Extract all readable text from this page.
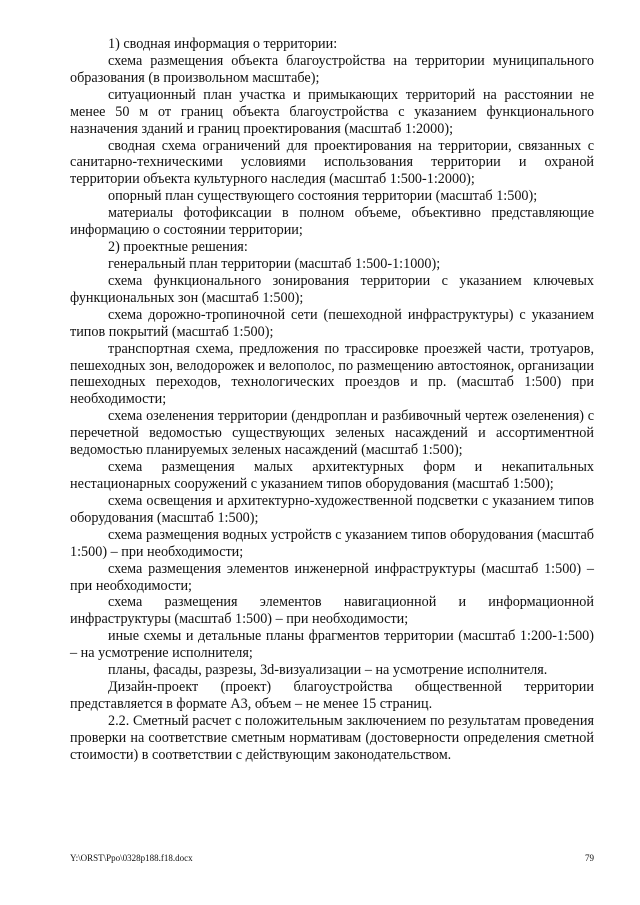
1) сводная информация о территории:

схема размещения объекта благоустройства на территории муниципального образования (в произвольном масштабе);

ситуационный план участка и примыкающих территорий на расстоянии не менее 50 м от границ объекта благоустройства с указанием функционального назначения зданий и границ проектирования (масштаб 1:2000);

сводная схема ограничений для проектирования на территории, связанных с санитарно-техническими условиями использования территории и охраной территории объекта культурного наследия (масштаб 1:500-1:2000);

опорный план существующего состояния территории (масштаб 1:500);

материалы фотофиксации в полном объеме, объективно представляющие информацию о состоянии территории;

2) проектные решения:

генеральный план территории (масштаб 1:500-1:1000);

схема функционального зонирования территории с указанием ключевых функциональных зон (масштаб 1:500);

схема дорожно-тропиночной сети (пешеходной инфраструктуры) с указанием типов покрытий (масштаб 1:500);

транспортная схема, предложения по трассировке проезжей части, тротуаров, пешеходных зон, велодорожек и велополос, по размещению автостоянок, организации пешеходных переходов, технологических проездов и пр. (масштаб 1:500) при необходимости;

схема озеленения территории (дендроплан и разбивочный чертеж озеленения) с перечетной ведомостью существующих зеленых насаждений и ассортиментной ведомостью планируемых зеленых насаждений (масштаб 1:500);

схема размещения малых архитектурных форм и некапитальных нестационарных сооружений с указанием типов оборудования (масштаб 1:500);

схема освещения и архитектурно-художественной подсветки с указанием типов оборудования (масштаб 1:500);

схема размещения водных устройств с указанием типов оборудования (масштаб 1:500) – при необходимости;

схема размещения элементов инженерной инфраструктуры (масштаб 1:500) – при необходимости;

схема размещения элементов навигационной и информационной инфраструктуры (масштаб 1:500) – при необходимости;

иные схемы и детальные планы фрагментов территории (масштаб 1:200-1:500) – на усмотрение исполнителя;

планы, фасады, разрезы, 3d-визуализации – на усмотрение исполнителя.

Дизайн-проект (проект) благоустройства общественной территории представляется в формате А3, объем – не менее 15 страниц.

2.2. Сметный расчет с положительным заключением по результатам проведения проверки на соответствие сметным нормативам (достоверности определения сметной стоимости) в соответствии с действующим законодательством.

Y:\ORST\Ppo\0328p188.f18.docx	79
